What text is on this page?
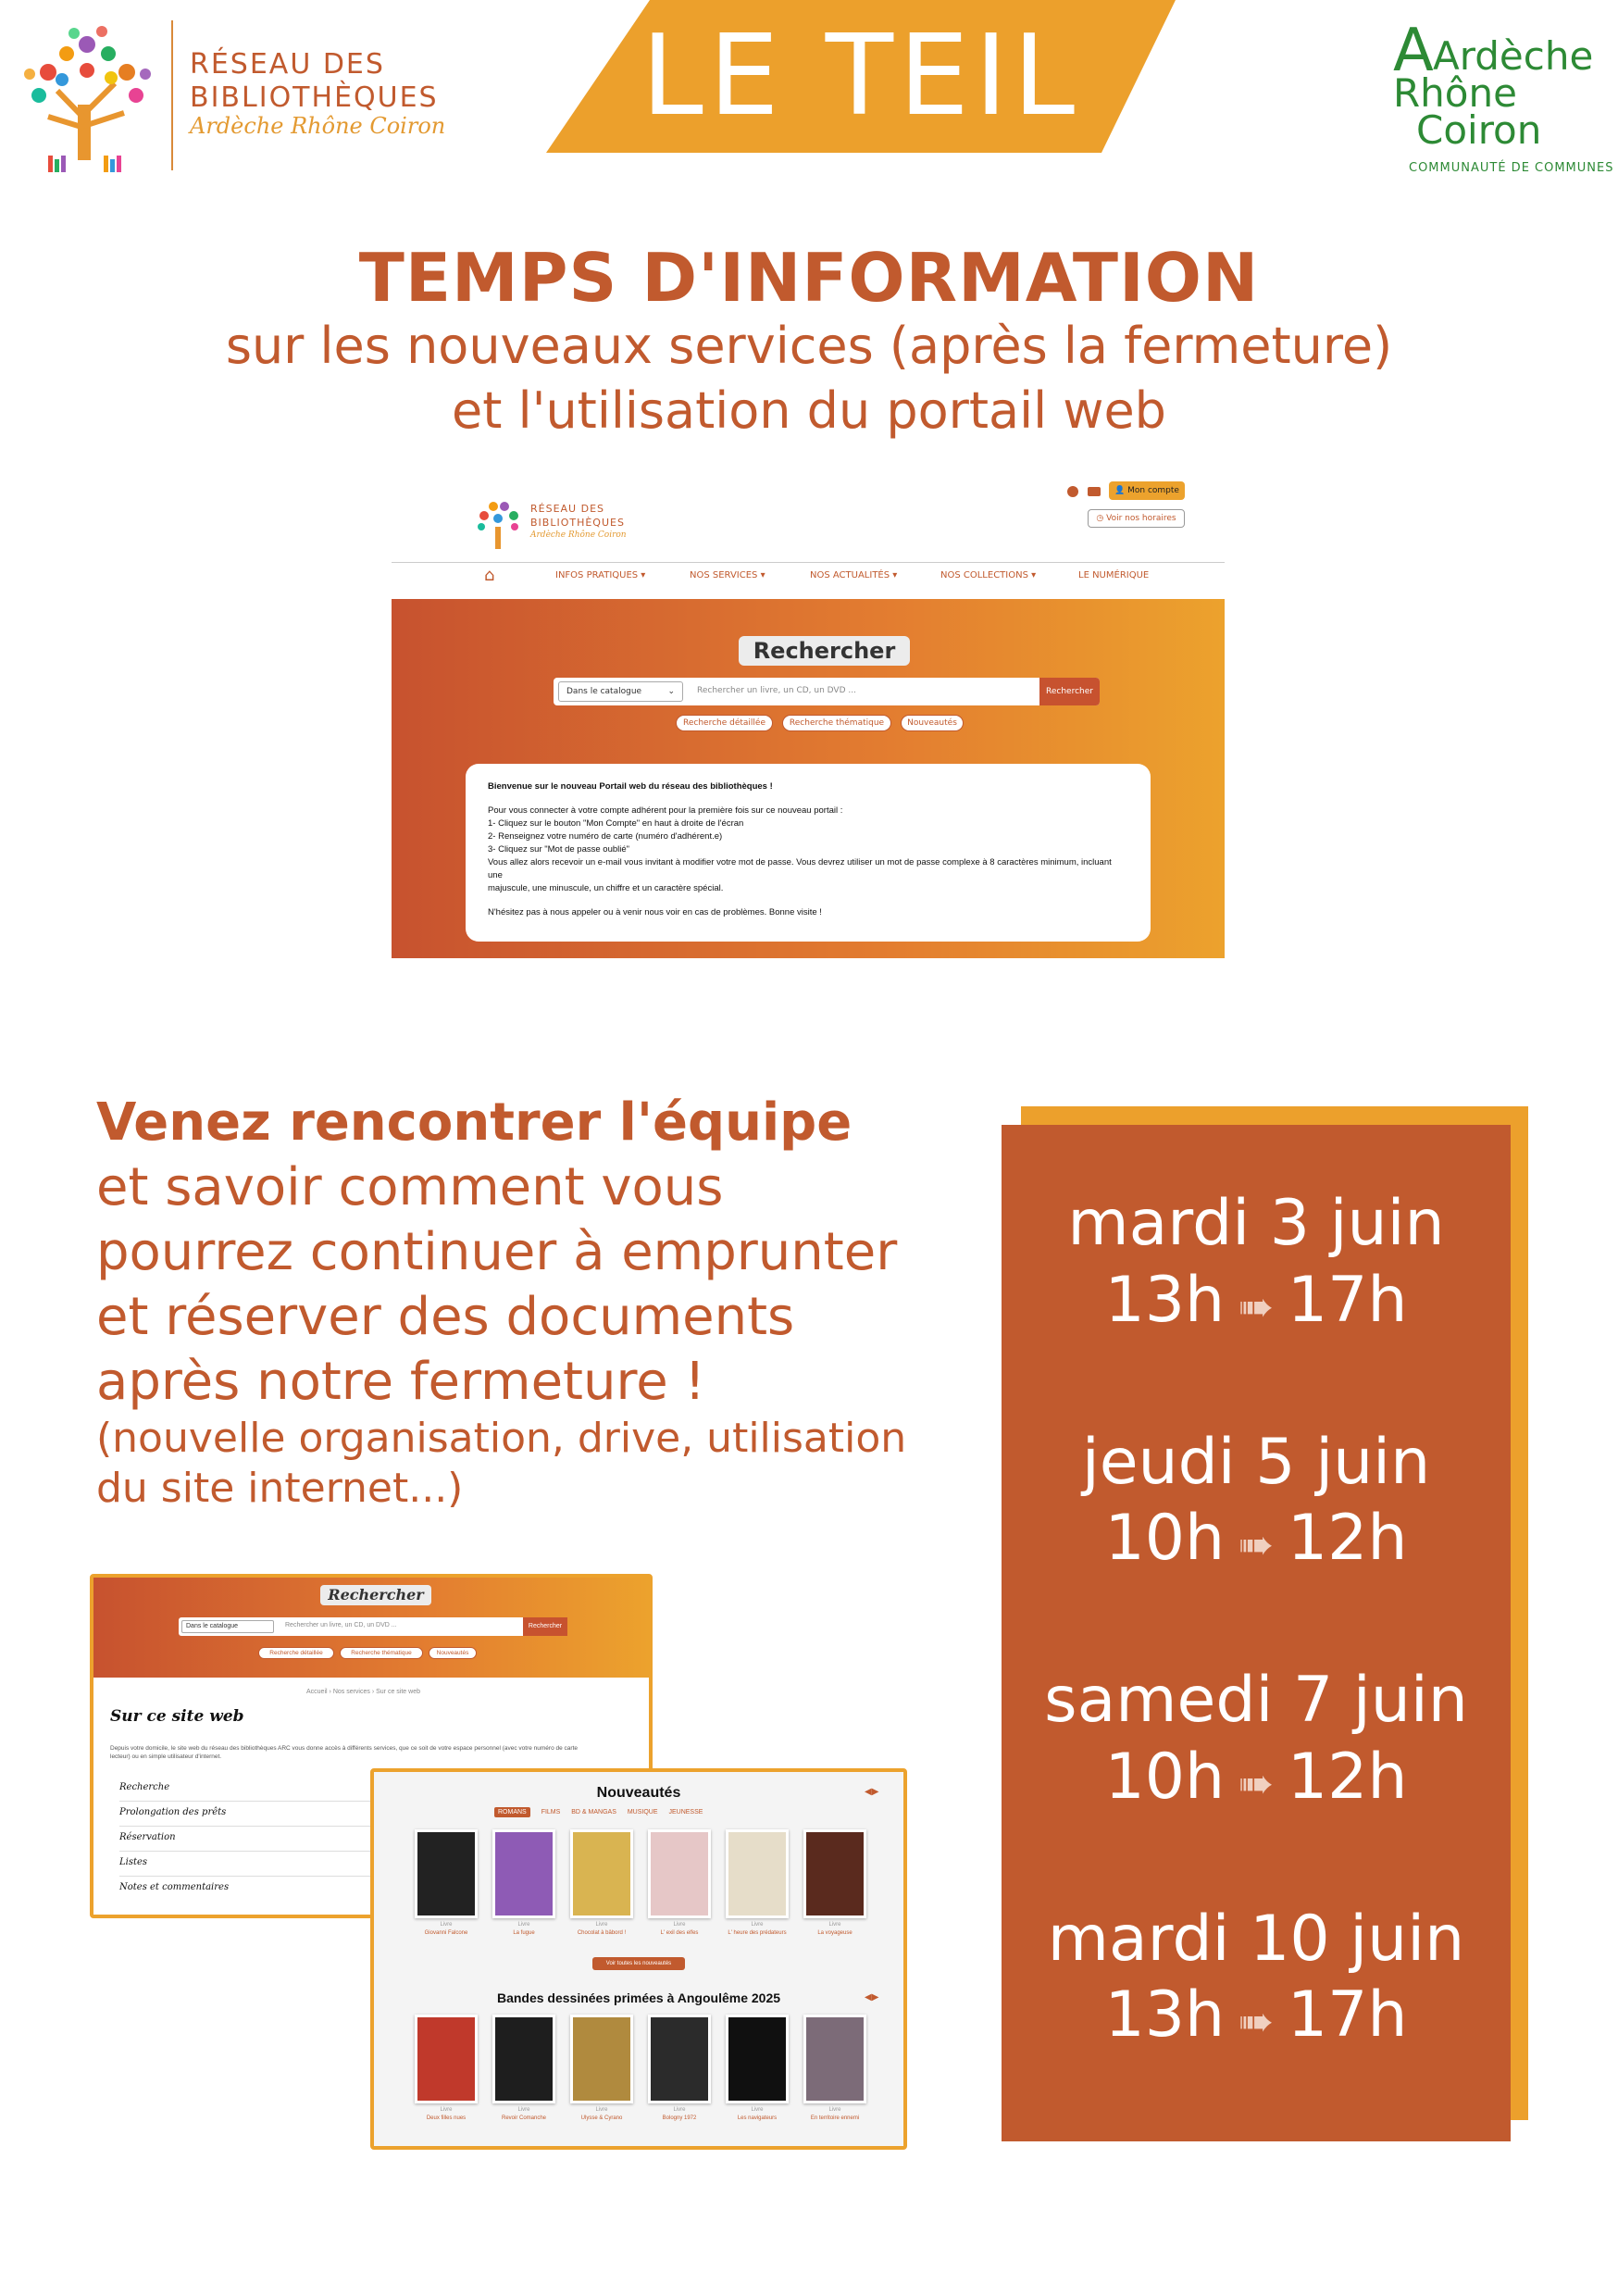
RÉSEAU DES
BIBLIOTHÈQUES
Ardèche Rhône Coiron	LE TEIL	A Ardèche
Rhône
Coiron
COMMUNAUTÉ DE COMMUNES
TEMPS D'INFORMATION
sur les nouveaux services (après la fermeture)
et l'utilisation du portail web
RÉSEAU DES
BIBLIOTHÈQUES
Ardèche Rhône Coiron
👤 Mon compte
◷ Voir nos horaires
⌂	INFOS PRATIQUES ▾	NOS SERVICES ▾	NOS ACTUALITÉS ▾	NOS COLLECTIONS ▾	LE NUMÉRIQUE
Rechercher
Dans le catalogue	⌄	Rechercher un livre, un CD, un DVD ...	Rechercher
Recherche détaillée	Recherche thématique	Nouveautés
Bienvenue sur le nouveau Portail web du réseau des bibliothèques !
Pour vous connecter à votre compte adhérent pour la première fois sur ce nouveau portail :
1- Cliquez sur le bouton "Mon Compte" en haut à droite de l'écran
2- Renseignez votre numéro de carte (numéro d'adhérent.e)
3- Cliquez sur "Mot de passe oublié"
Vous allez alors recevoir un e-mail vous invitant à modifier votre mot de passe. Vous devrez utiliser un mot de passe complexe à 8 caractères minimum, incluant une
majuscule, une minuscule, un chiffre et un caractère spécial.
N'hésitez pas à nous appeler ou à venir nous voir en cas de problèmes. Bonne visite !
Venez rencontrer l'équipe
et savoir comment vous
pourrez continuer à emprunter
et réserver des documents
après notre fermeture !
(nouvelle organisation, drive, utilisation
du site internet...)
mardi 3 juin
13h ➠ 17h
jeudi 5 juin
10h ➠ 12h
samedi 7 juin
10h ➠ 12h
mardi 10 juin
13h ➠ 17h
Rechercher
Dans le catalogue	Rechercher un livre, un CD, un DVD ...	Rechercher
Recherche détaillée	Recherche thématique	Nouveautés
Accueil › Nos services › Sur ce site web
Sur ce site web
Depuis votre domicile, le site web du réseau des bibliothèques ARC vous donne accès à différents services, que ce soit de votre espace personnel (avec votre numéro de carte
lecteur) ou en simple utilisateur d'internet.
Recherche
Prolongation des prêts
Réservation
Listes
Notes et commentaires
Nouveautés	◀▶
ROMANS FILMS BD & MANGAS MUSIQUE JEUNESSE
Livre	Livre	Livre	Livre	Livre	Livre
Giovanni Falcone	La fugue	Chocolat à bâbord !	L' exil des elfes	L' heure des prédateurs	La voyageuse
Voir toutes les nouveautés
Bandes dessinées primées à Angoulême 2025	◀▶
Livre	Livre	Livre	Livre	Livre	Livre
Deux filles nues	Revoir Comanche	Ulysse & Cyrano	Bologny 1972	Les navigateurs	En territoire ennemi
